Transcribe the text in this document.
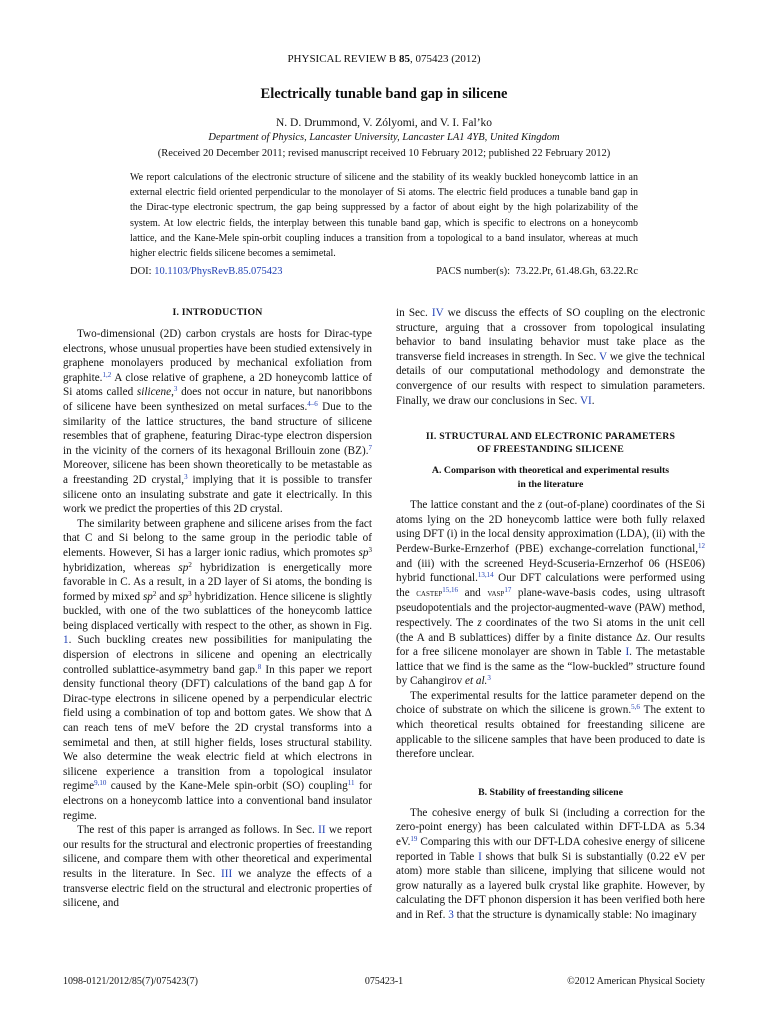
PHYSICAL REVIEW B 85, 075423 (2012)
Electrically tunable band gap in silicene
N. D. Drummond, V. Zólyomi, and V. I. Fal’ko
Department of Physics, Lancaster University, Lancaster LA1 4YB, United Kingdom
(Received 20 December 2011; revised manuscript received 10 February 2012; published 22 February 2012)
We report calculations of the electronic structure of silicene and the stability of its weakly buckled honeycomb lattice in an external electric field oriented perpendicular to the monolayer of Si atoms. The electric field produces a tunable band gap in the Dirac-type electronic spectrum, the gap being suppressed by a factor of about eight by the high polarizability of the system. At low electric fields, the interplay between this tunable band gap, which is specific to electrons on a honeycomb lattice, and the Kane-Mele spin-orbit coupling induces a transition from a topological to a band insulator, whereas at much higher electric fields silicene becomes a semimetal.
DOI: 10.1103/PhysRevB.85.075423	PACS number(s): 73.22.Pr, 61.48.Gh, 63.22.Rc
I. INTRODUCTION

Two-dimensional (2D) carbon crystals are hosts for Dirac-type electrons, whose unusual properties have been studied extensively in graphene monolayers produced by mechanical exfoliation from graphite.$^{1,2}$ A close relative of graphene, a 2D honeycomb lattice of Si atoms called silicene,$^3$ does not occur in nature, but nanoribbons of silicene have been synthesized on metal surfaces.$^{4-6}$ Due to the similarity of the lattice structures, the band structure of silicene resembles that of graphene, featuring Dirac-type electron dispersion in the vicinity of the corners of its hexagonal Brillouin zone (BZ).$^7$ Moreover, silicene has been shown theoretically to be metastable as a freestanding 2D crystal,$^3$ implying that it is possible to transfer silicene onto an insulating substrate and gate it electrically. In this work we predict the properties of this 2D crystal.

The similarity between graphene and silicene arises from the fact that C and Si belong to the same group in the periodic table of elements. However, Si has a larger ionic radius, which promotes $sp^3$ hybridization, whereas $sp^2$ hybridization is energetically more favorable in C. As a result, in a 2D layer of Si atoms, the bonding is formed by mixed $sp^2$ and $sp^3$ hybridization. Hence silicene is slightly buckled, with one of the two sublattices of the honeycomb lattice being displaced vertically with respect to the other, as shown in Fig. 1. Such buckling creates new possibilities for manipulating the dispersion of electrons in silicene and opening an electrically controlled sublattice-asymmetry band gap.$^8$ In this paper we report density functional theory (DFT) calculations of the band gap Δ for Dirac-type electrons in silicene opened by a perpendicular electric field using a combination of top and bottom gates. We show that Δ can reach tens of meV before the 2D crystal transforms into a semimetal and then, at still higher fields, loses structural stability. We also determine the weak electric field at which electrons in silicene experience a transition from a topological insulator regime$^{9,10}$ caused by the Kane-Mele spin-orbit (SO) coupling$^{11}$ for electrons on a honeycomb lattice into a conventional band insulator regime.

The rest of this paper is arranged as follows. In Sec. II we report our results for the structural and electronic properties of freestanding silicene, and compare them with other theoretical and experimental results in the literature. In Sec. III we analyze the effects of a transverse electric field on the structural and electronic properties of silicene, and

in Sec. IV we discuss the effects of SO coupling on the electronic structure, arguing that a crossover from topological insulating behavior to band insulating behavior must take place as the transverse field increases in strength. In Sec. V we give the technical details of our computational methodology and demonstrate the convergence of our results with respect to simulation parameters. Finally, we draw our conclusions in Sec. VI.

II. STRUCTURAL AND ELECTRONIC PARAMETERS
OF FREESTANDING SILICENE
A. Comparison with theoretical and experimental results
in the literature

The lattice constant and the z (out-of-plane) coordinates of the Si atoms lying on the 2D honeycomb lattice were both fully relaxed using DFT (i) in the local density approximation (LDA), (ii) with the Perdew-Burke-Ernzerhof (PBE) exchange-correlation functional,$^{12}$ and (iii) with the screened Heyd-Scuseria-Ernzerhof 06 (HSE06) hybrid functional.$^{13,14}$ Our DFT calculations were performed using the castep$^{15,16}$ and vasp$^{17}$ plane-wave-basis codes, using ultrasoft pseudopotentials and the projector-augmented-wave (PAW) method, respectively. The z coordinates of the two Si atoms in the unit cell (the A and B sublattices) differ by a finite distance Δz. Our results for a free silicene monolayer are shown in Table I. The metastable lattice that we find is the same as the “low-buckled” structure found by Cahangirov et al.$^3$

The experimental results for the lattice parameter depend on the choice of substrate on which the silicene is grown.$^{5,6}$ The extent to which theoretical results obtained for freestanding silicene are applicable to the silicene samples that have been produced to date is therefore unclear.

B. Stability of freestanding silicene

The cohesive energy of bulk Si (including a correction for the zero-point energy) has been calculated within DFT-LDA as 5.34 eV.$^{19}$ Comparing this with our DFT-LDA cohesive energy of silicene reported in Table I shows that bulk Si is substantially (0.22 eV per atom) more stable than silicene, implying that silicene would not grow naturally as a layered bulk crystal like graphite. However, by calculating the DFT phonon dispersion it has been verified both here and in Ref. 3 that the structure is dynamically stable: No imaginary

1098-0121/2012/85(7)/075423(7)	075423-1	©2012 American Physical Society
